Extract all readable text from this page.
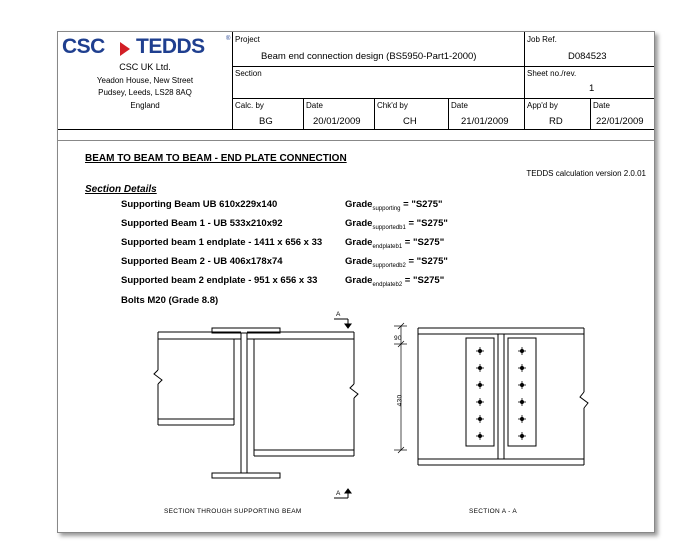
CSC TEDDS	®
CSC UK Ltd.
Yeadon House, New Street
Pudsey, Leeds, LS28 8AQ
England
Project
Beam end connection design (BS5950-Part1-2000)
Job Ref.
D084523
Section	Sheet no./rev.
1
Calc. by
BG
Date
20/01/2009
Chk'd by
CH
Date
21/01/2009
App'd by
RD
Date
22/01/2009
BEAM TO BEAM TO BEAM - END PLATE CONNECTION
TEDDS calculation version 2.0.01
Section Details
Supporting Beam UB 610x229x140	Grade$_{supporting}$ = "S275"
Supported Beam 1 - UB 533x210x92	Grade$_{supportedb1}$ = "S275"
Supported beam 1 endplate - 1411 x 656 x 33 Grade$_{endplateb1}$ = "S275"
Supported Beam 2 - UB 406x178x74	Grade$_{supportedb2}$ = "S275"
Supported beam 2 endplate - 951 x 656 x 33	Grade$_{endplateb2}$ = "S275"
Bolts M20 (Grade 8.8)
A
A
90
430
SECTION THROUGH SUPPORTING BEAM	SECTION A - A
